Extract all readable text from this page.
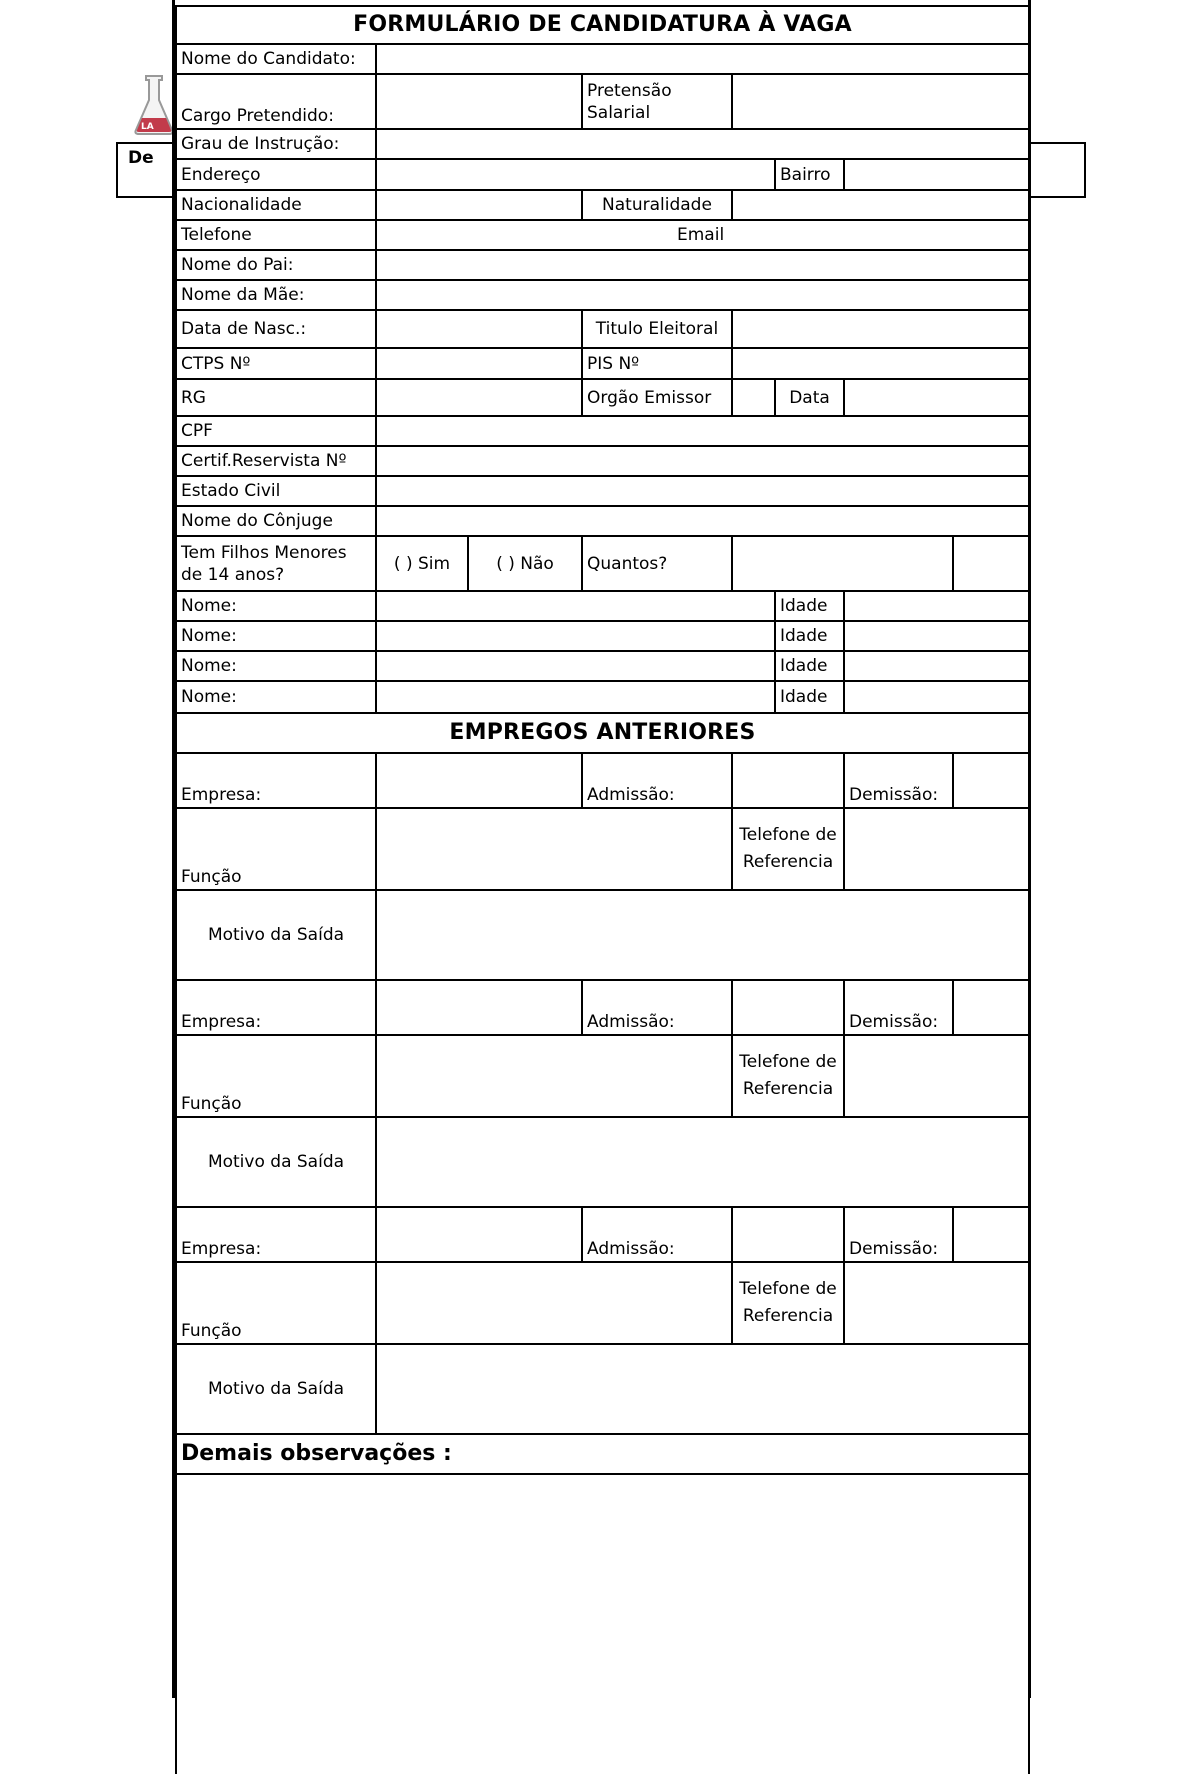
De
LA
FORMULÁRIO DE CANDIDATURA À VAGA							
Nome do Candidato:							
Cargo Pretendido:			Pretensão Salarial				
Grau de Instrução:							
Endereço					Bairro		
Nacionalidade			Naturalidade				
Telefone	Email						
Nome do Pai:							
Nome da Mãe:							
Data de Nasc.:			Titulo Eleitoral				
CTPS Nº			PIS Nº				
RG			Orgão Emissor		Data		
CPF							
Certif.Reservista Nº							
Estado Civil							
Nome do Cônjuge							
Tem Filhos Menores de 14 anos?	( ) Sim	( ) Não	Quantos?				
Nome:					Idade		
Nome:					Idade		
Nome:					Idade		
Nome:					Idade		
EMPREGOS ANTERIORES							
Empresa:			Admissão:			Demissão:	
Função				Telefone de Referencia			
Motivo da Saída							
Empresa:			Admissão:			Demissão:	
Função				Telefone de Referencia			
Motivo da Saída							
Empresa:			Admissão:			Demissão:	
Função				Telefone de Referencia			
Motivo da Saída							
Demais observações :							
